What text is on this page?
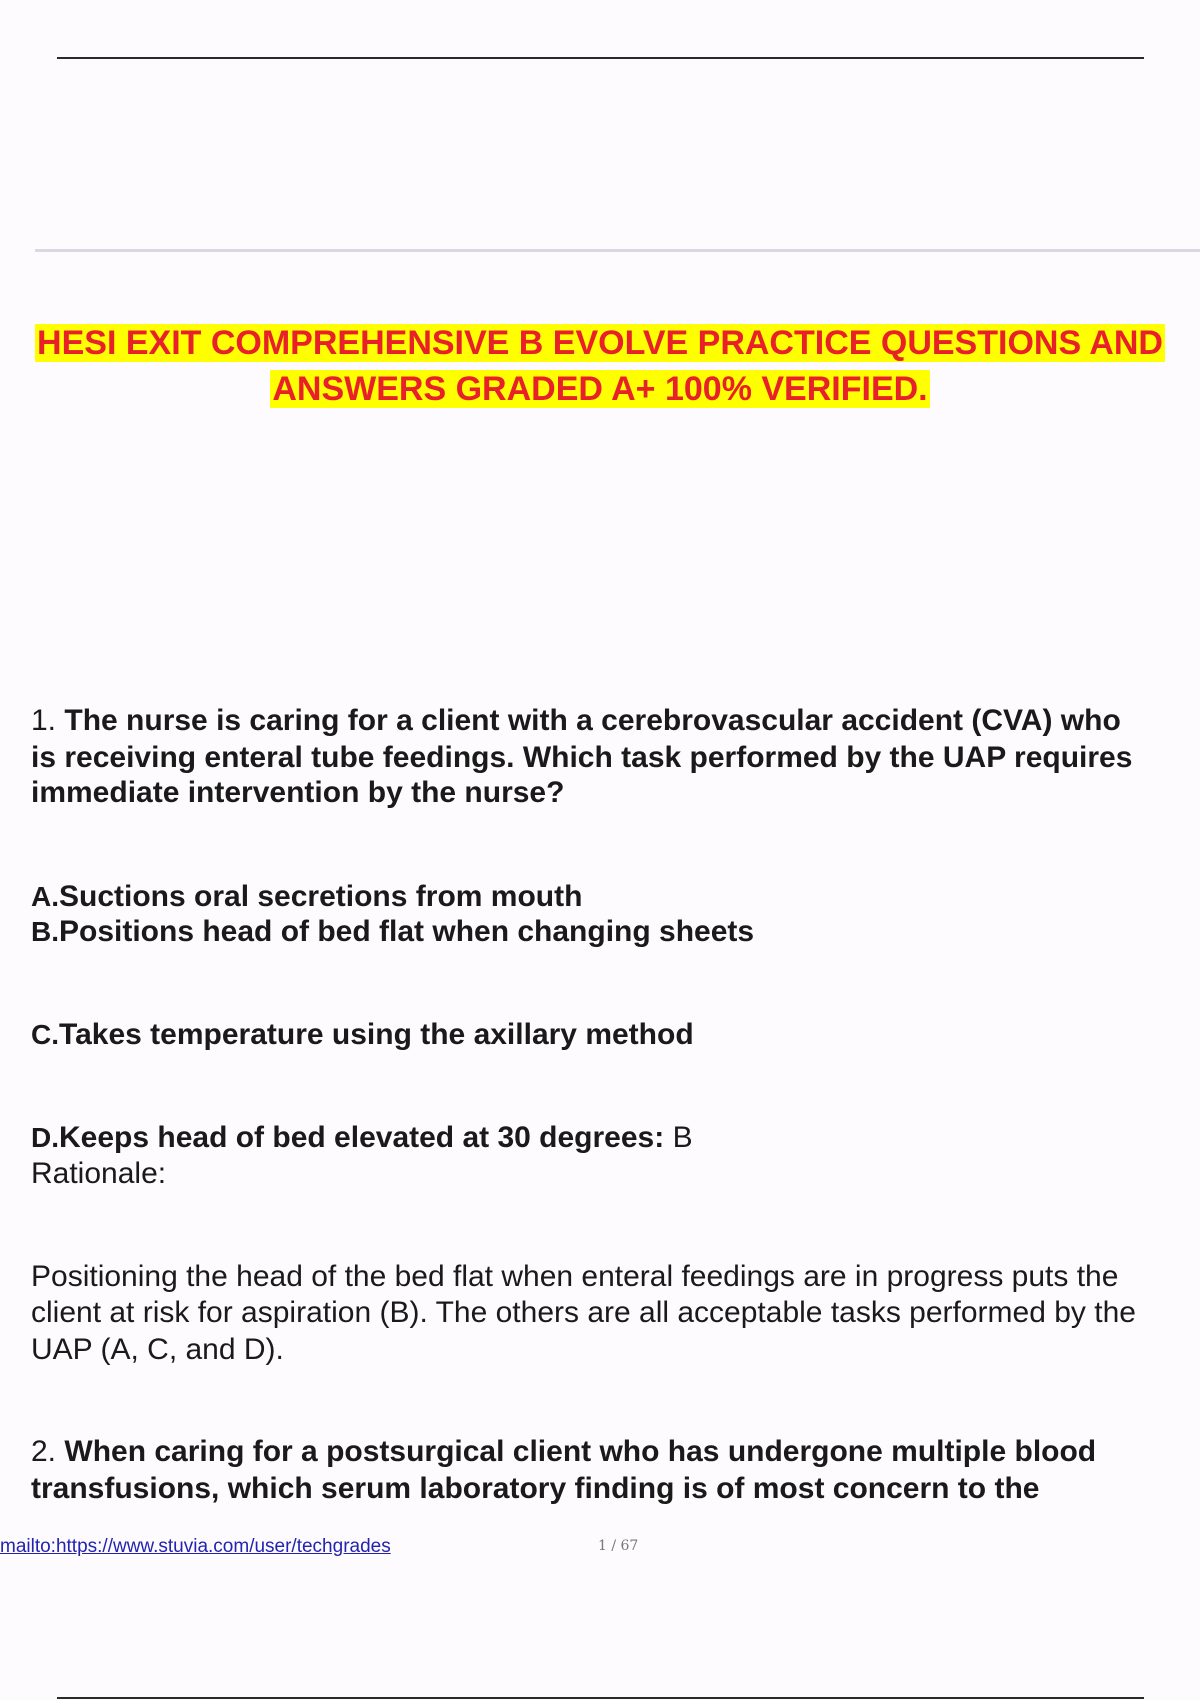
HESI EXIT COMPREHENSIVE B EVOLVE PRACTICE QUESTIONS AND
ANSWERS GRADED A+ 100% VERIFIED.
1. The nurse is caring for a client with a cerebrovascular accident (CVA) who
is receiving enteral tube feedings. Which task performed by the UAP requires
immediate intervention by the nurse?
A.Suctions oral secretions from mouth
B.Positions head of bed flat when changing sheets
C.Takes temperature using the axillary method
D.Keeps head of bed elevated at 30 degrees: B
Rationale:
Positioning the head of the bed flat when enteral feedings are in progress puts the
client at risk for aspiration (B). The others are all acceptable tasks performed by the
UAP (A, C, and D).
2. When caring for a postsurgical client who has undergone multiple blood
transfusions, which serum laboratory finding is of most concern to the
mailto:https://www.stuvia.com/user/techgrades	1 / 67
